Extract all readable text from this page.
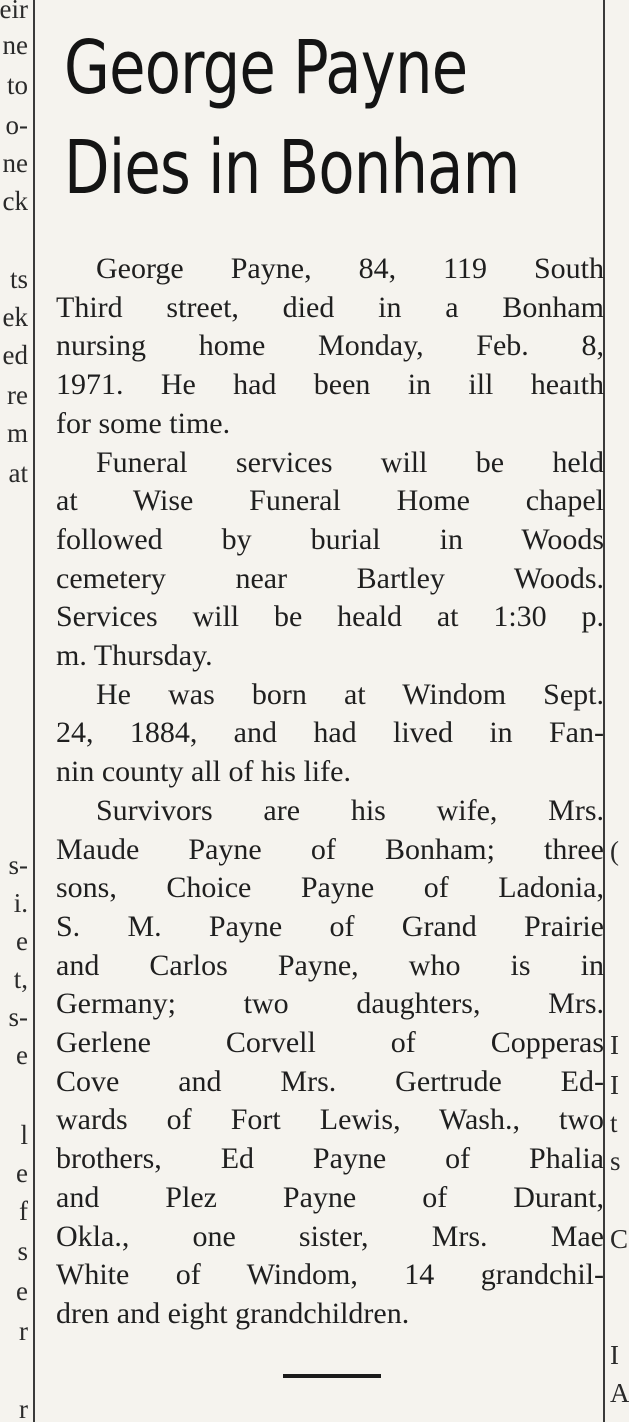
eir
ne
to
o-
ne
ck
ts
ek
ed
re
m
at
s-
i.
e
t,
s-
e
l
e
f
s
e
r
r
(
I
I
t
s
C
I
A
George Payne
Dies in Bonham

George Payne, 84, 119 South
Third street, died in a Bonham
nursing home Monday, Feb. 8,
1971. He had been in ill heaıth
for some time.

Funeral services will be held
at Wise Funeral Home chapel
followed by burial in Woods
cemetery near Bartley Woods.
Services will be heald at 1:30 p.
m. Thursday.

He was born at Windom Sept.
24, 1884, and had lived in Fan-
nin county all of his life.

Survivors are his wife, Mrs.
Maude Payne of Bonham; three
sons, Choice Payne of Ladonia,
S. M. Payne of Grand Prairie
and Carlos Payne, who is in
Germany; two daughters, Mrs.
Gerlene Corvell of Copperas
Cove and Mrs. Gertrude Ed-
wards of Fort Lewis, Wash., two
brothers, Ed Payne of Phalia
and Plez Payne of Durant,
Okla., one sister, Mrs. Mae
White of Windom, 14 grandchil-
dren and eight grandchildren.
